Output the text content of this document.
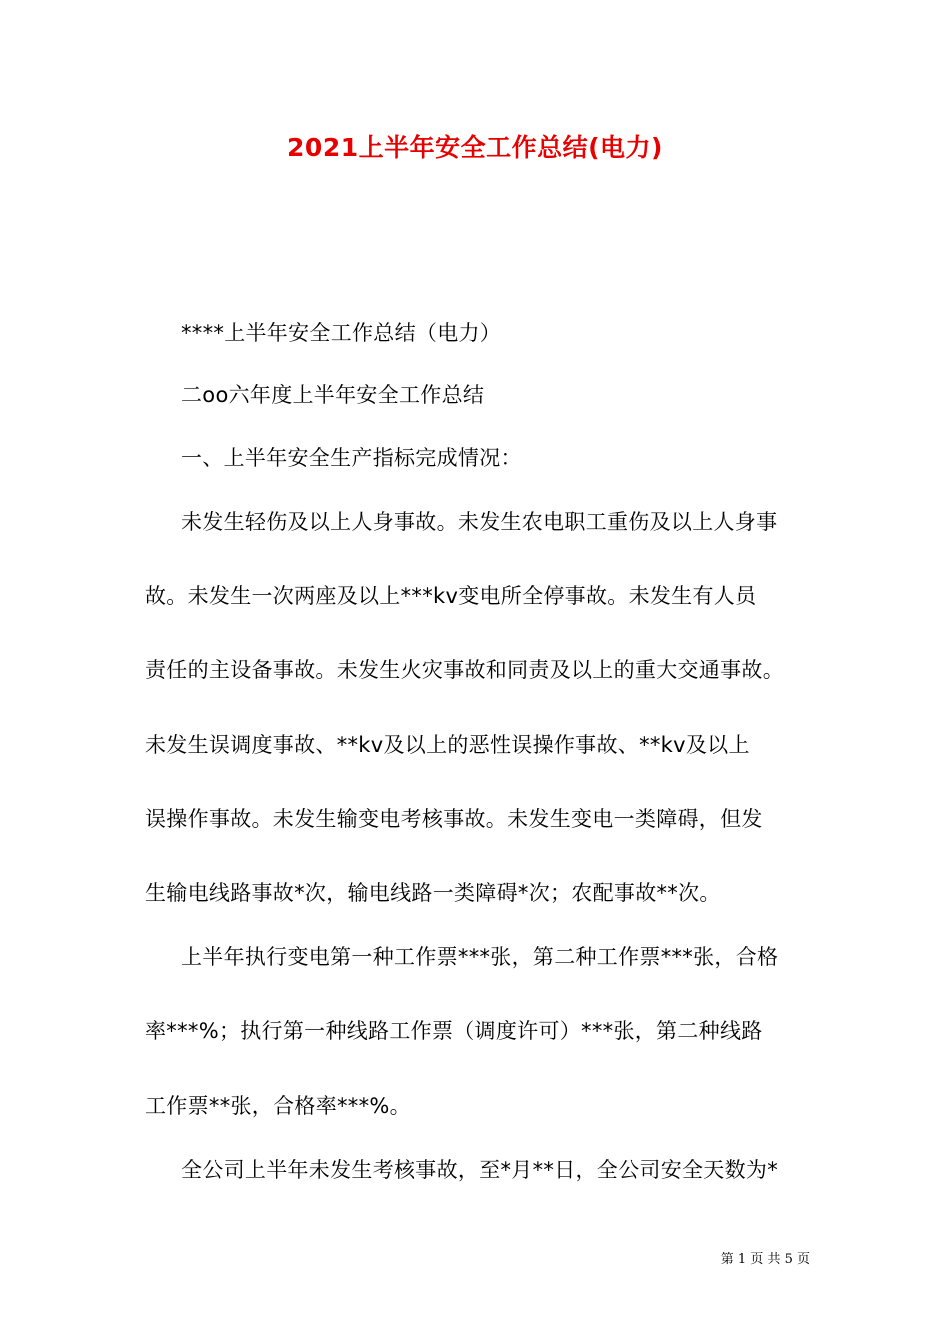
2021上半年安全工作总结(电力)
****上半年安全工作总结（电力）
二oo六年度上半年安全工作总结
一、上半年安全生产指标完成情况：
未发生轻伤及以上人身事故。未发生农电职工重伤及以上人身事
故。未发生一次两座及以上***kv变电所全停事故。未发生有人员
责任的主设备事故。未发生火灾事故和同责及以上的重大交通事故。
未发生误调度事故、**kv及以上的恶性误操作事故、**kv及以上
误操作事故。未发生输变电考核事故。未发生变电一类障碍，但发
生输电线路事故*次，输电线路一类障碍*次；农配事故**次。
上半年执行变电第一种工作票***张，第二种工作票***张，合格
率***%；执行第一种线路工作票（调度许可）***张，第二种线路
工作票**张，合格率***%。
全公司上半年未发生考核事故，至*月**日，全公司安全天数为*
第 1 页 共 5 页
